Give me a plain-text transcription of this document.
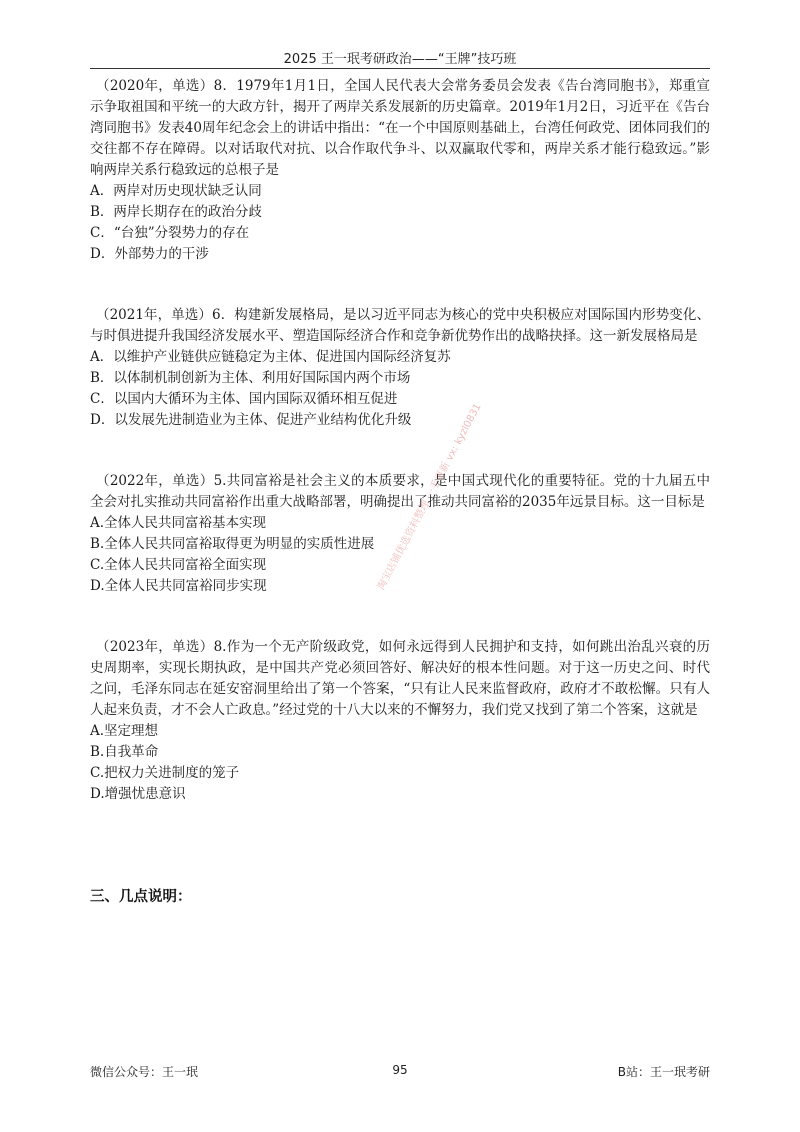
2025 王一珉考研政治——“王牌”技巧班

（2020年，单选）8．1979年1月1日，全国人民代表大会常务委员会发表《告台湾同胞书》，郑重宣示争取祖国和平统一的大政方针，揭开了两岸关系发展新的历史篇章。2019年1月2日，习近平在《告台湾同胞书》发表40周年纪念会上的讲话中指出：“在一个中国原则基础上，台湾任何政党、团体同我们的交往都不存在障碍。以对话取代对抗、以合作取代争斗、以双赢取代零和，两岸关系才能行稳致远。”影响两岸关系行稳致远的总根子是

A．两岸对历史现状缺乏认同
B．两岸长期存在的政治分歧
C．“台独”分裂势力的存在
D．外部势力的干涉

（2021年，单选）6．构建新发展格局，是以习近平同志为核心的党中央积极应对国际国内形势变化、与时俱进提升我国经济发展水平、塑造国际经济合作和竞争新优势作出的战略抉择。这一新发展格局是

A．以维护产业链供应链稳定为主体、促进国内国际经济复苏
B．以体制机制创新为主体、利用好国际国内两个市场
C．以国内大循环为主体、国内国际双循环相互促进
D．以发展先进制造业为主体、促进产业结构优化升级

（2022年，单选）5.共同富裕是社会主义的本质要求，是中国式现代化的重要特征。党的十九届五中全会对扎实推动共同富裕作出重大战略部署，明确提出了推动共同富裕的2035年远景目标。这一目标是

A.全体人民共同富裕基本实现
B.全体人民共同富裕取得更为明显的实质性进展
C.全体人民共同富裕全面实现
D.全体人民共同富裕同步实现

（2023年，单选）8.作为一个无产阶级政党，如何永远得到人民拥护和支持，如何跳出治乱兴衰的历史周期率，实现长期执政，是中国共产党必须回答好、解决好的根本性问题。对于这一历史之问、时代之问，毛泽东同志在延安窑洞里给出了第一个答案，“只有让人民来监督政府，政府才不敢松懈。只有人人起来负责，才不会人亡政息。”经过党的十八大以来的不懈努力，我们党又找到了第二个答案，这就是

A.坚定理想
B.自我革命
C.把权力关进制度的笼子
D.增强忧患意识
淘宝店铺优选资料整理 一手更新 vx: kyzl0831
三、几点说明：
微信公众号：王一珉	95	B站：王一珉考研
